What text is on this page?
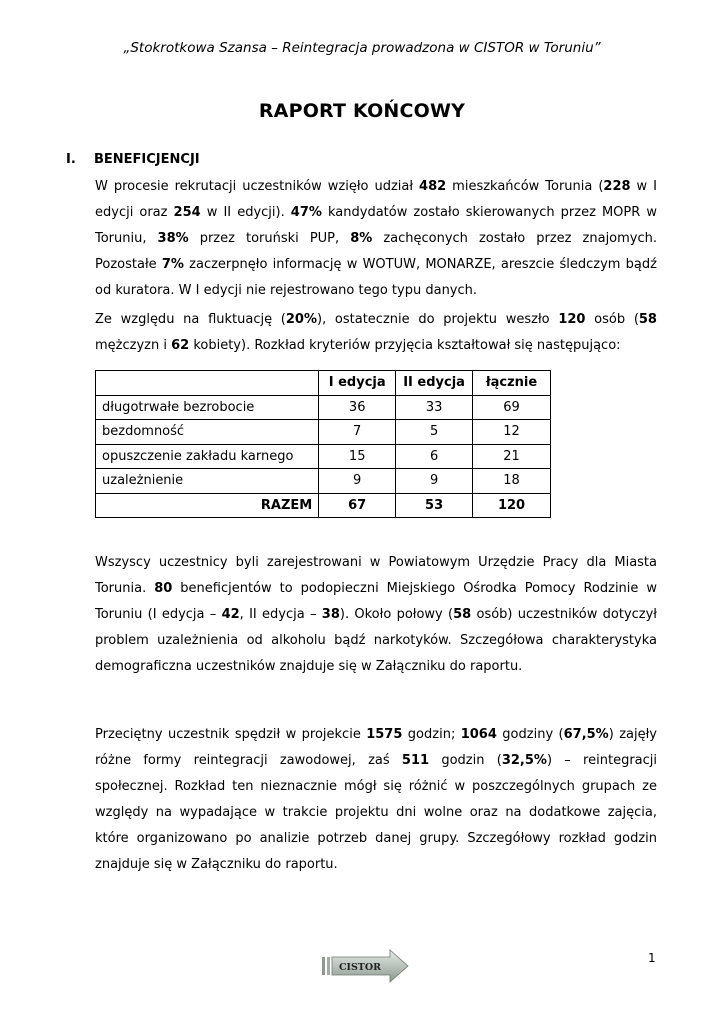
„Stokrotkowa Szansa – Reintegracja prowadzona w CISTOR w Toruniu”
RAPORT KOŃCOWY
I. BENEFICJENCJI

W procesie rekrutacji uczestników wzięło udział 482 mieszkańców Torunia (228 w I edycji oraz 254 w II edycji). 47% kandydatów zostało skierowanych przez MOPR w Toruniu, 38% przez toruński PUP, 8% zachęconych zostało przez znajomych. Pozostałe 7% zaczerpnęło informację w WOTUW, MONARZE, areszcie śledczym bądź od kuratora. W I edycji nie rejestrowano tego typu danych.

Ze względu na fluktuację (20%), ostatecznie do projektu weszło 120 osób (58 mężczyzn i 62 kobiety). Rozkład kryteriów przyjęcia kształtował się następująco:

	I edycja	II edycja	łącznie
długotrwałe bezrobocie	36	33	69
bezdomność	7	5	12
opuszczenie zakładu karnego	15	6	21
uzależnienie	9	9	18
RAZEM	67	53	120

Wszyscy uczestnicy byli zarejestrowani w Powiatowym Urzędzie Pracy dla Miasta Torunia. 80 beneficjentów to podopieczni Miejskiego Ośrodka Pomocy Rodzinie w Toruniu (I edycja – 42, II edycja – 38). Około połowy (58 osób) uczestników dotyczył problem uzależnienia od alkoholu bądź narkotyków. Szczegółowa charakterystyka demograficzna uczestników znajduje się w Załączniku do raportu.

Przeciętny uczestnik spędził w projekcie 1575 godzin; 1064 godziny (67,5%) zajęły różne formy reintegracji zawodowej, zaś 511 godzin (32,5%) – reintegracji społecznej. Rozkład ten nieznacznie mógł się różnić w poszczególnych grupach ze względy na wypadające w trakcie projektu dni wolne oraz na dodatkowe zajęcia, które organizowano po analizie potrzeb danej grupy. Szczegółowy rozkład godzin znajduje się w Załączniku do raportu.

CISTOR
1
